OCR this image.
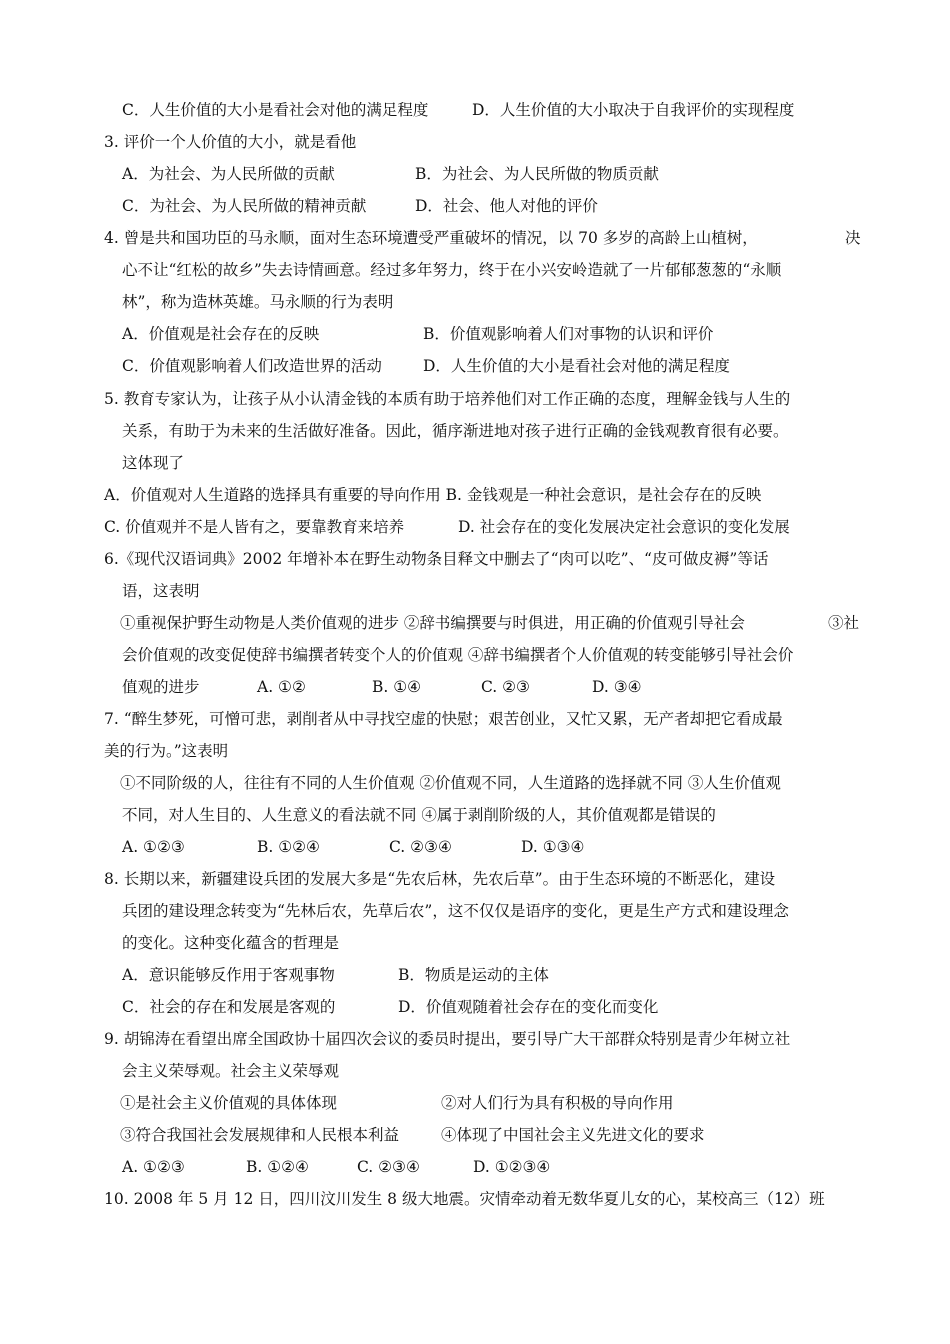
C．人生价值的大小是看社会对他的满足程度	D．人生价值的大小取决于自我评价的实现程度
3. 评价一个人价值的大小，就是看他
A．为社会、为人民所做的贡献	B．为社会、为人民所做的物质贡献
C．为社会、为人民所做的精神贡献	D．社会、他人对他的评价
4. 曾是共和国功臣的马永顺，面对生态环境遭受严重破坏的情况，以 70 多岁的高龄上山植树，	决
心不让“红松的故乡”失去诗情画意。经过多年努力，终于在小兴安岭造就了一片郁郁葱葱的“永顺
林”，称为造林英雄。马永顺的行为表明
A．价值观是社会存在的反映	B．价值观影响着人们对事物的认识和评价
C．价值观影响着人们改造世界的活动	D．人生价值的大小是看社会对他的满足程度
5. 教育专家认为，让孩子从小认清金钱的本质有助于培养他们对工作正确的态度，理解金钱与人生的
关系，有助于为未来的生活做好准备。因此，循序渐进地对孩子进行正确的金钱观教育很有必要。
这体现了
A．价值观对人生道路的选择具有重要的导向作用 B. 金钱观是一种社会意识，是社会存在的反映
C. 价值观并不是人皆有之，要靠教育来培养	D. 社会存在的变化发展决定社会意识的变化发展
6.《现代汉语词典》2002 年增补本在野生动物条目释文中删去了“肉可以吃”、“皮可做皮褥”等话
语，这表明
①重视保护野生动物是人类价值观的进步 ②辞书编撰要与时俱进，用正确的价值观引导社会	③社
会价值观的改变促使辞书编撰者转变个人的价值观 ④辞书编撰者个人价值观的转变能够引导社会价
值观的进步	A. ①②	B. ①④	C. ②③	D. ③④
7. “醉生梦死，可憎可悲，剥削者从中寻找空虚的快慰；艰苦创业，又忙又累，无产者却把它看成最
美的行为。”这表明
①不同阶级的人，往往有不同的人生价值观 ②价值观不同，人生道路的选择就不同 ③人生价值观
不同，对人生目的、人生意义的看法就不同 ④属于剥削阶级的人，其价值观都是错误的
A. ①②③	B. ①②④	C. ②③④	D. ①③④
8. 长期以来，新疆建设兵团的发展大多是“先农后林，先农后草”。由于生态环境的不断恶化，建设
兵团的建设理念转变为“先林后农，先草后农”，这不仅仅是语序的变化，更是生产方式和建设理念
的变化。这种变化蕴含的哲理是
A．意识能够反作用于客观事物	B．物质是运动的主体
C．社会的存在和发展是客观的	D．价值观随着社会存在的变化而变化
9. 胡锦涛在看望出席全国政协十届四次会议的委员时提出，要引导广大干部群众特别是青少年树立社
会主义荣辱观。社会主义荣辱观
①是社会主义价值观的具体体现	②对人们行为具有积极的导向作用
③符合我国社会发展规律和人民根本利益	④体现了中国社会主义先进文化的要求
A. ①②③	B. ①②④	C. ②③④	D. ①②③④
10. 2008 年 5 月 12 日，四川汶川发生 8 级大地震。灾情牵动着无数华夏儿女的心，某校高三（12）班
